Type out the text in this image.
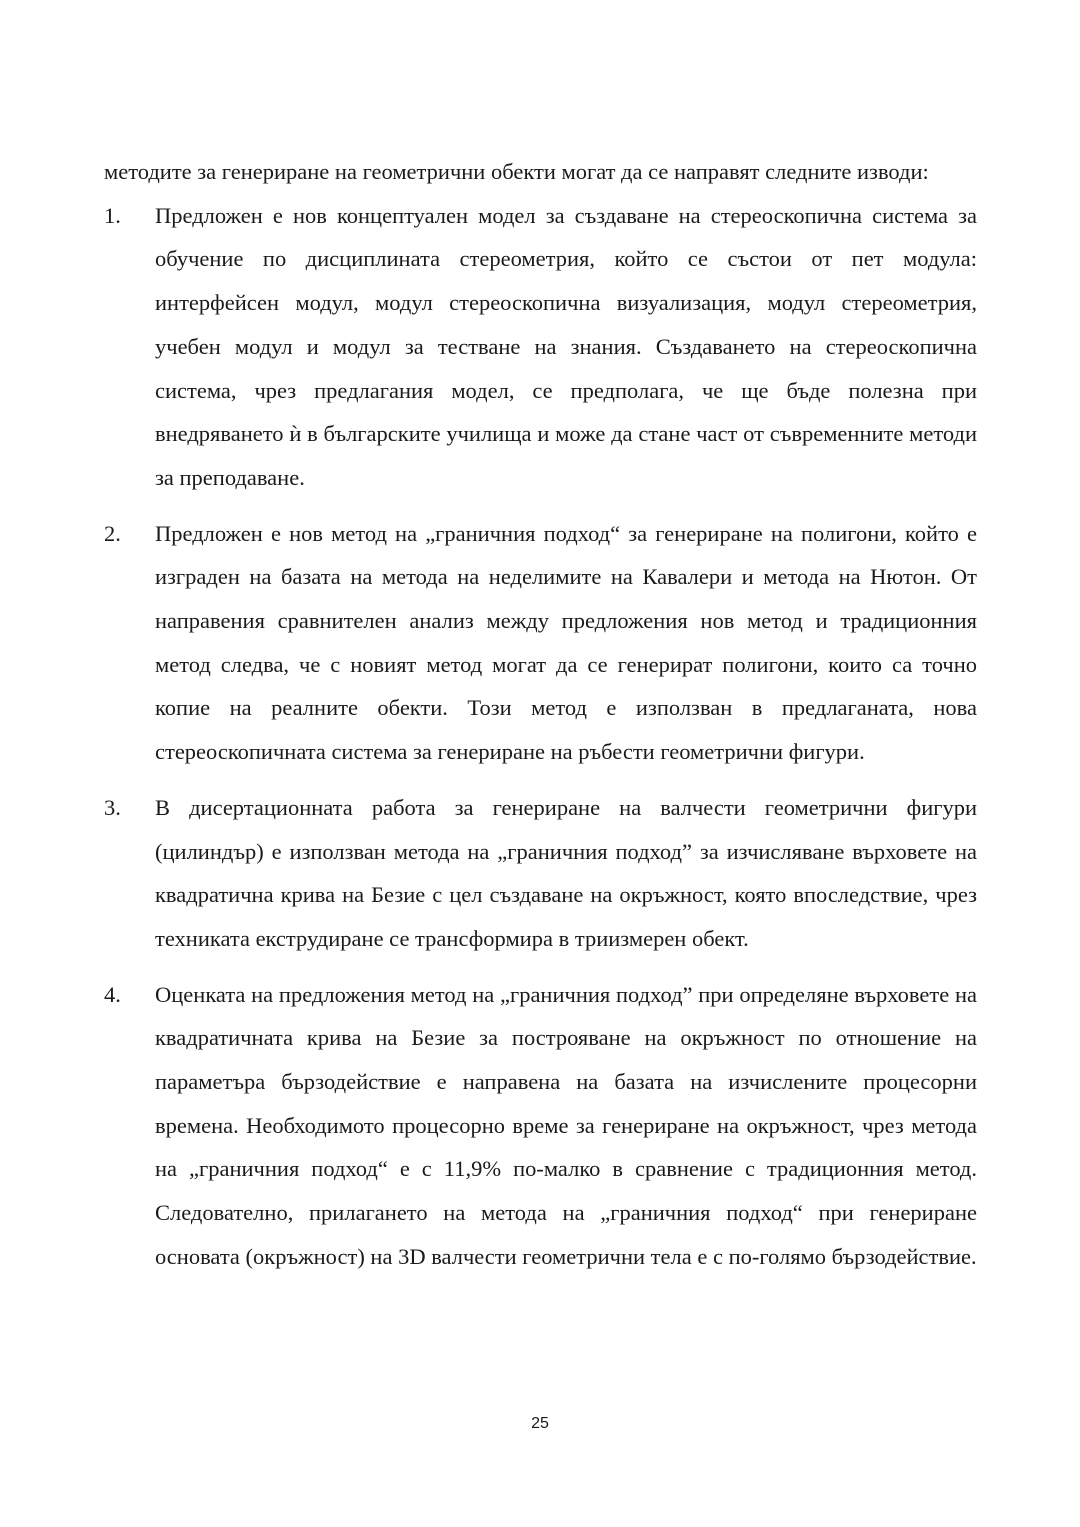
методите за генериране на геометрични обекти могат да се направят следните изводи:

1.	Предложен е нов концептуален модел за създаване на стереоскопична система за обучение по дисциплината стереометрия, който се състои от пет модула: интерфейсен модул, модул стереоскопична визуализация, модул стереометрия, учебен модул и модул за тестване на знания. Създаването на стереоскопична система, чрез предлагания модел, се предполага, че ще бъде полезна при внедряването ѝ в българските училища и може да стане част от съвременните методи за преподаване.

2.	Предложен е нов метод на „граничния подход“ за генериране на полигони, който е изграден на базата на метода на неделимите на Кавалери и метода на Нютон. От направения сравнителен анализ между предложения нов метод и традиционния метод следва, че с новият метод могат да се генерират полигони, които са точно копие на реалните обекти. Този метод е използван в предлаганата, нова стереоскопичната система за генериране на ръбести геометрични фигури.

3.	В дисертационната работа за генериране на валчести геометрични фигури (цилиндър) е използван метода на „граничния подход” за изчисляване върховете на квадратична крива на Безие с цел създаване на окръжност, която впоследствие, чрез техниката екструдиране се трансформира в триизмерен обект.

4.	Оценката на предложения метод на „граничния подход” при определяне върховете на квадратичната крива на Безие за построяване на окръжност по отношение на параметъра бързодействие е направена на базата на изчислените процесорни времена. Необходимото процесорно време за генериране на окръжност, чрез метода на „граничния подход“ е с 11,9% по-малко в сравнение с традиционния метод. Следователно, прилагането на метода на „граничния подход“ при генериране основата (окръжност) на 3D валчести геометрични тела е с по-голямо бързодействие.

25
